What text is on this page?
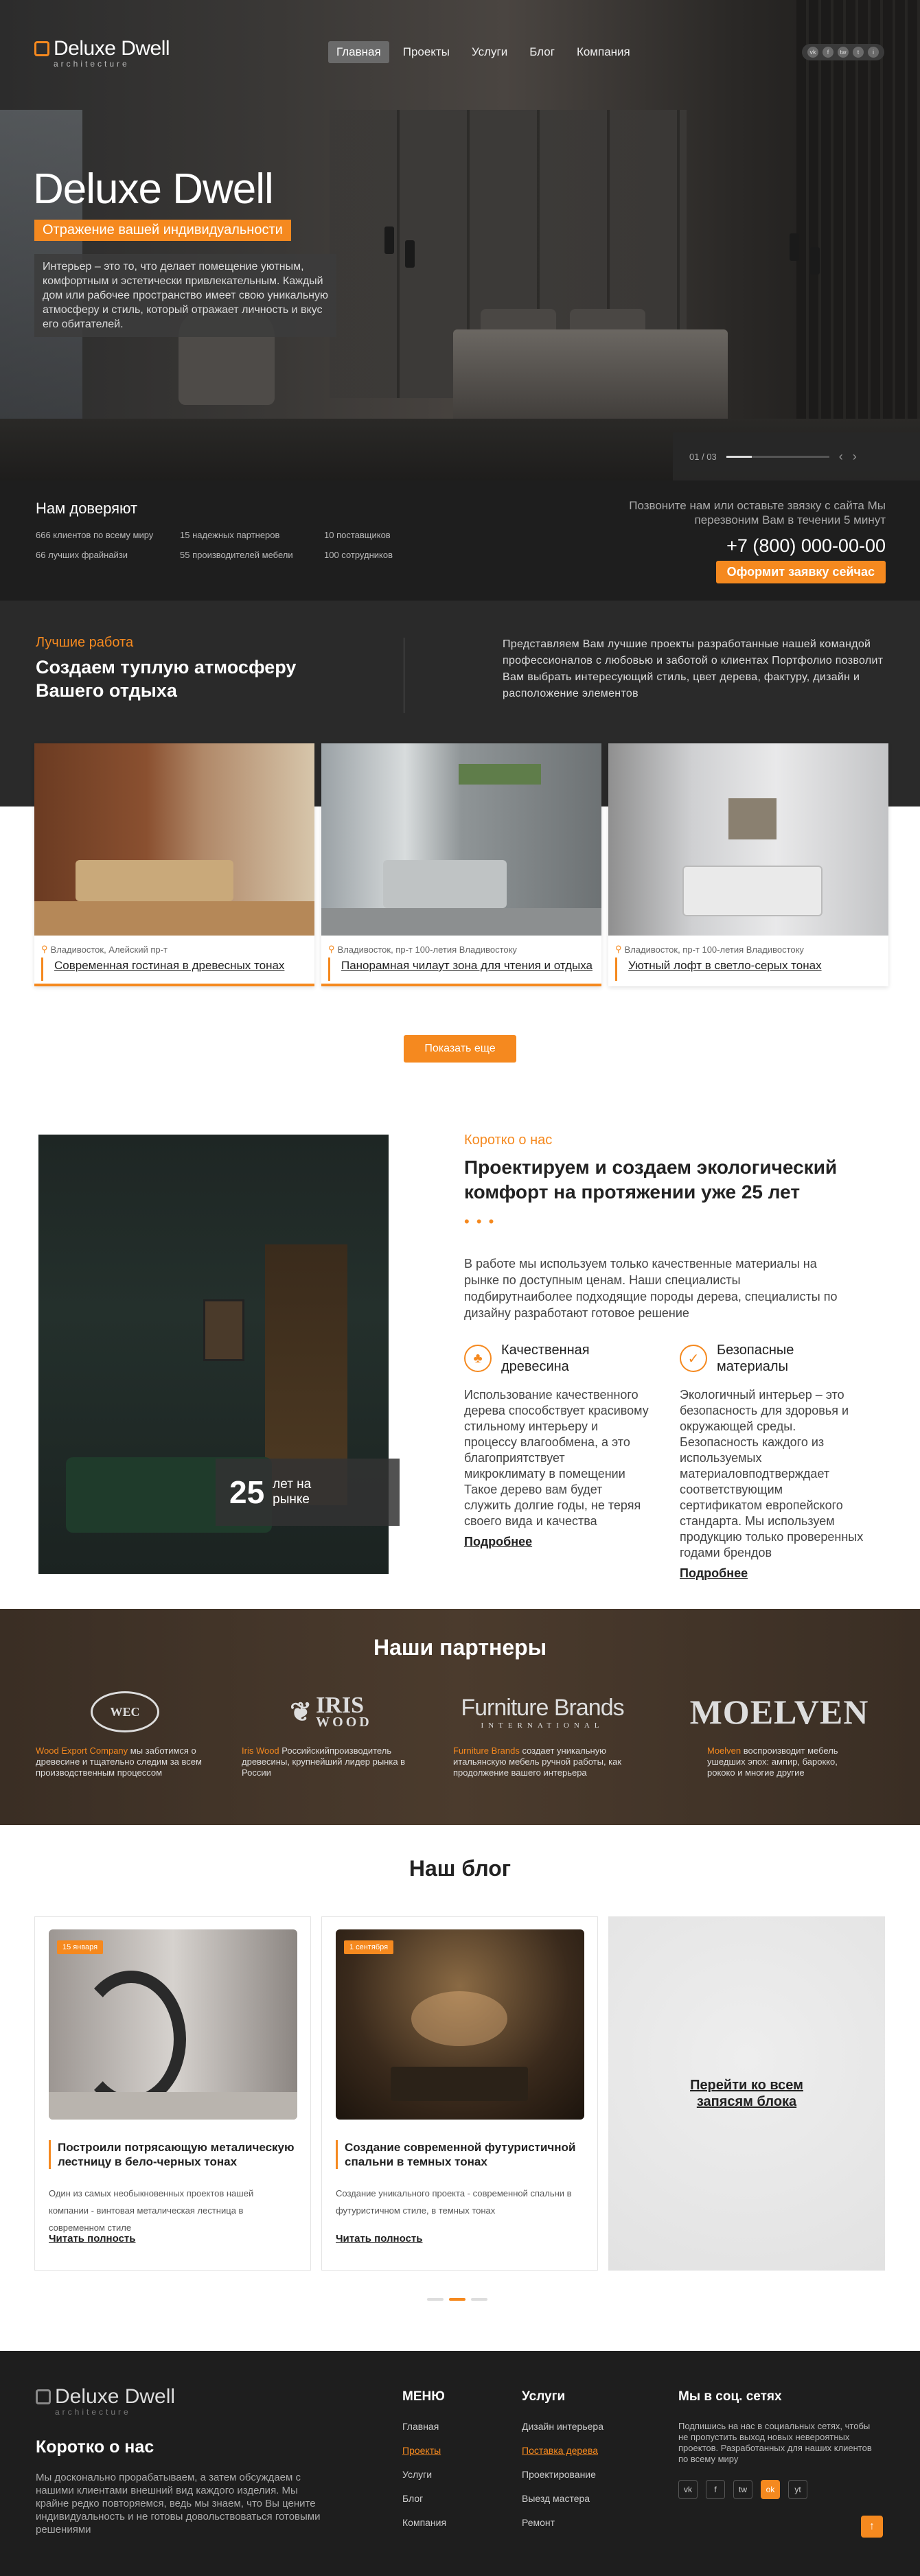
Deluxe Dwell
architecture
Главная	Проекты	Услуги	Блог	Компания	vk	f	tw	t	i
Deluxe Dwell
Отражение вашей индивидуальности

Интерьер – это то, что делает помещение уютным, комфортным и эстетически привлекательным. Каждый дом или рабочее пространство имеет свою уникальную атмосферу и стиль, который отражает личность и вкус его обитателей.

01 / 03	‹ ›
Нам доверяют
666 клиентов по всему миру	15 надежных партнеров	10 поставщиков
66 лучших фрайнайзи	55 производителей мебели	100 сотрудников
Позвоните нам или оставьте звязку с сайта Мы перезвоним Вам в течении 5 минут
+7 (800) 000-00-00
Оформит заявку сейчас
Лучшие работа
Создаем туплую атмосферу Вашего отдыха

Представляем Вам лучшие проекты разработанные нашей командой профессионалов с любовью и заботой о клиентах Портфолио позволит Вам выбрать интересующий стиль, цвет дерева, фактуру, дизайн и расположение элементов

⚲ Владивосток, Алейский пр-т
Современная гостиная в древесных тонах
⚲ Владивосток, пр-т 100-летия Владивостоку
Панорамная чилаут зона для чтения и отдыха
⚲ Владивосток, пр-т 100-летия Владивостоку
Уютный лофт в светло-серых тонах
Показать еще
25 лет на рынке
Коротко о нас
Проектируем и создаем экологический комфорт на протяжении уже 25 лет
• • •

В работе мы используем только качественные материалы на рынке по доступным ценам. Наши специалисты подбирутнаиболее подходящие породы дерева, специалисты по дизайну разработают готовое решение

♣
Качественная древесина

Использование качественного дерева способствует красивому стильному интерьеру и процессу влагообмена, а это благоприятствует микроклимату в помещении Такое дерево вам будет служить долгие годы, не теряя своего вида и качества

Подробнее
✓
Безопасные материалы

Экологичный интерьер – это безопасность для здоровья и окружающей среды. Безопасность каждого из используемых материаловподтверждает соответствующим сертификатом европейского стандарта. Мы используем продукцию только проверенных годами брендов

Подробнее
Наши партнеры
WEC

Wood Export Company мы заботимся о древесине и тщательно следим за всем производственным процессом

❦ IRIS
WOOD

Iris Wood Российскийпроизводитель древесины, крупнейший лидер рынка в России

Furniture Brands
INTERNATIONAL

Furniture Brands создает уникальную итальянскую мебель ручной работы, как продолжение вашего интерьера

MOELVEN

Moelven воспроизводит мебель ушедших эпох: ампир, барокко, рококо и многие другие

Наш блог
15 января
Построили потрясающую металическую лестницу в бело-черных тонах

Один из самых необыкновенных проектов нашей компании - винтовая металическая лестница в современном стиле

Читать полность
1 сентября
Создание современной футуристичной спальни в темных тонах

Создание уникального проекта - современной спальни в футуристичном стиле, в темных тонах

Читать полность
Перейти ко всем запясям блока
Deluxe Dwell
architecture
Коротко о нас

Мы досконально прорабатываем, а затем обсуждаем с нашими клиентами внешний вид каждого изделия. Мы крайне редко повторяемся, ведь мы знаем, что Вы цените индивидуальность и не готовы довольствоваться готовыми решениями

МЕНЮ
Главная
Проекты
Услуги
Блог
Компания
Услуги
Дизайн интерьера
Поставка дерева
Проектирование
Выезд мастера
Ремонт
Мы в соц. сетях

Подпишись на нас в социальных сетях, чтобы не пропустить выход новых невероятных проектов. Разработанных для наших клиентов по всему миру

vk	f	tw	ok	yt
↑
